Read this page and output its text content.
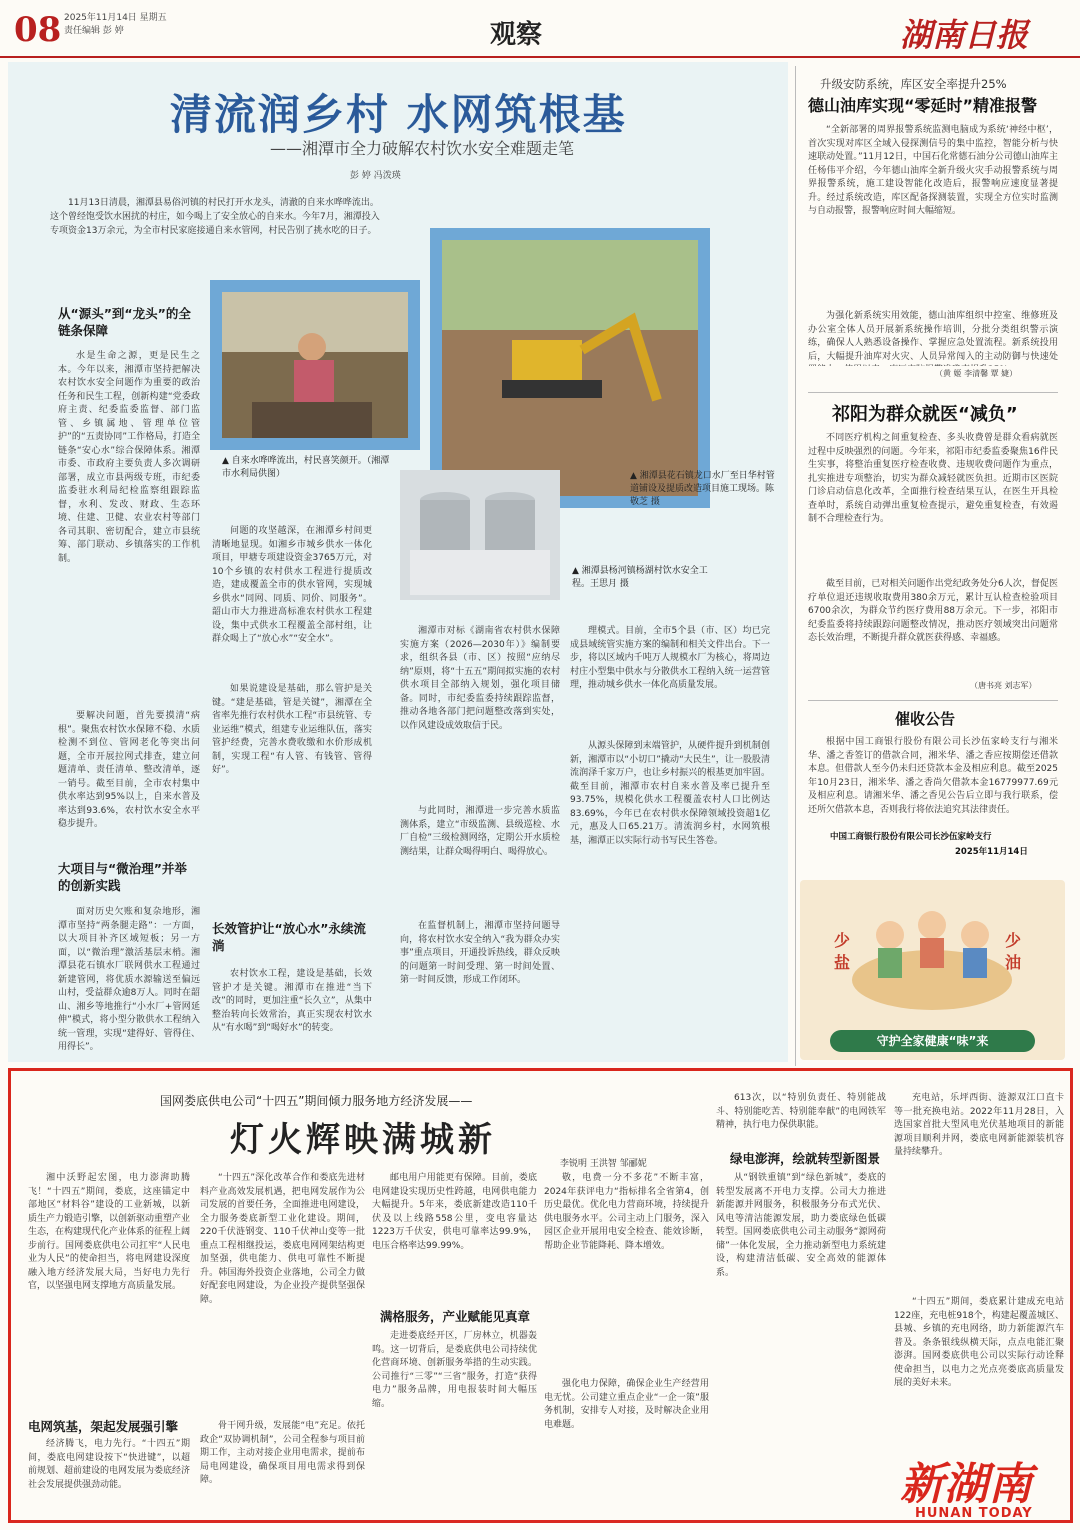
08 2025年11月14日 星期五
责任编辑 彭 婷	观察	湖南日报
清流润乡村 水网筑根基
——湘潭市全力破解农村饮水安全难题走笔
彭 婷 冯泼瑛
11月13日清晨，湘潭县易俗河镇的村民打开水龙头，清澈的自来水哗哗流出。这个曾经饱受饮水困扰的村庄，如今喝上了安全放心的自来水。今年7月，湘潭投入专项资金13万余元，为全市村民家庭接通自来水管网，村民告别了挑水吃的日子。
从“源头”到“龙头”的全链条保障

水是生命之源，更是民生之本。今年以来，湘潭市坚持把解决农村饮水安全问题作为重要的政治任务和民生工程，创新构建“党委政府主责、纪委监委监督、部门监管、乡镇属地、管理单位管护”的“五责协同”工作格局，打造全链条“安心水”综合保障体系。湘潭市委、市政府主要负责人多次调研部署，成立市县两级专班，市纪委监委驻水利局纪检监察组跟踪监督，水利、发改、财政、生态环境、住建、卫健、农业农村等部门各司其职、密切配合，建立市县统筹、部门联动、乡镇落实的工作机制。

要解决问题，首先要摸清“病根”。聚焦农村饮水保障不稳、水质检测不到位、管网老化等突出问题，全市开展拉网式排查，建立问题清单、责任清单、整改清单，逐一销号。截至目前，全市农村集中供水率达到95%以上，自来水普及率达到93.6%，农村饮水安全水平稳步提升。

大项目与“微治理”并举的创新实践

面对历史欠账和复杂地形，湘潭市坚持“两条腿走路”：一方面，以大项目补齐区域短板；另一方面，以“微治理”激活基层末梢。湘潭县花石镇水厂联网供水工程通过新建管网，将优质水源输送至偏远山村，受益群众逾8万人。同时在韶山、湘乡等地推行“小水厂+管网延伸”模式，将小型分散供水工程纳入统一管理，实现“建得好、管得住、用得长”。

▲ 自来水哗哗流出，村民喜笑颜开。（湘潭市水利局供图）

问题的攻坚越深，在湘潭乡村间更清晰地显现。如湘乡市城乡供水一体化项目，甲塘专项建设资金3765万元，对10个乡镇的农村供水工程进行提质改造，建成覆盖全市的供水管网，实现城乡供水“同网、同质、同价、同服务”。韶山市大力推进高标准农村供水工程建设，集中式供水工程覆盖全部村组，让群众喝上了“放心水”“安全水”。

如果说建设是基础，那么管护是关键。“建是基础，管是关键”，湘潭在全省率先推行农村供水工程“市县统管、专业运维”模式，组建专业运维队伍，落实管护经费，完善水费收缴和水价形成机制，实现工程“有人管、有钱管、管得好”。

长效管护让“放心水”永续流淌

农村饮水工程，建设是基础，长效管护才是关键。湘潭市在推进“当下改”的同时，更加注重“长久立”，从集中整治转向长效常治，真正实现农村饮水从“有水喝”到“喝好水”的转变。

▲ 湘潭县花石镇龙口水厂至日华村管道铺设及提质改造项目施工现场。陈敬芝 摄
▲ 湘潭县杨河镇杨湖村饮水安全工程。王思月 摄

湘潭市对标《湖南省农村供水保障实施方案（2026—2030年）》编制要求，组织各县（市、区）按照“应纳尽纳”原则，将“十五五”期间拟实施的农村供水项目全部纳入规划，强化项目储备。同时，市纪委监委持续跟踪监督，推动各地各部门把问题整改落到实处，以作风建设成效取信于民。

与此同时，湘潭进一步完善水质监测体系，建立“市级监测、县级巡检、水厂自检”三级检测网络，定期公开水质检测结果，让群众喝得明白、喝得放心。

在监督机制上，湘潭市坚持问题导向，将农村饮水安全纳入“我为群众办实事”重点项目，开通投诉热线，群众反映的问题第一时间受理、第一时间处置、第一时间反馈，形成工作闭环。

理模式。目前，全市5个县（市、区）均已完成县域统管实施方案的编制和相关文件出台。下一步，将以区域内千吨万人规模水厂为核心，将周边村庄小型集中供水与分散供水工程纳入统一运营管理，推动城乡供水一体化高质量发展。

从源头保障到末端管护，从硬件提升到机制创新，湘潭市以“小切口”撬动“大民生”，让一股股清流润泽千家万户，也让乡村振兴的根基更加牢固。截至目前，湘潭市农村自来水普及率已提升至93.75%，规模化供水工程覆盖农村人口比例达83.69%，今年已在农村供水保障领域投资超1亿元，惠及人口65.21万。清流润乡村，水网筑根基，湘潭正以实际行动书写民生答卷。

升级安防系统，库区安全率提升25%
德山油库实现“零延时”精准报警

“全新部署的周界报警系统监测电脑成为系统‘神经中枢’，首次实现对库区全域入侵探测信号的集中监控，智能分析与快速联动处置。”11月12日，中国石化常德石油分公司德山油库主任杨伟平介绍，今年德山油库全新升级火灾手动报警系统与周界报警系统，施工建设智能化改造后，报警响应速度显著提升。经过系统改造，库区配备探测装置，实现全方位实时监测与自动报警，报警响应时间大幅缩短。

为强化新系统实用效能，德山油库组织中控室、维修班及办公室全体人员开展新系统操作培训，分批分类组织警示演练，确保人人熟悉设备操作、掌握应急处置流程。新系统投用后，大幅提升油库对火灾、人员异常闯入的主动防御与快速处

（黄 姬 李清馨 覃 婕）
祁阳为群众就医“减负”

不同医疗机构之间重复检查、多头收费曾是群众看病就医过程中反映强烈的问题。今年来，祁阳市纪委监委聚焦16件民生实事，将整治重复医疗检查收费、违规收费问题作为重点，扎实推进专项整治，切实为群众减轻就医负担。近期市区医院门诊启动信息化改革，全面推行检查结果互认，在医生开具检查单时，系统自动弹出重复检查提示，避免重复检查，有效遏制不合理检查行为。

截至目前，已对相关问题作出党纪政务处分6人次，督促医疗单位退还违规收取费用380余万元，累计互认检查检验项目6700余次，为群众节约医疗费用88万余元。下一步，祁阳市纪委监委将持续跟踪问题整改情况，推动医疗领域突出问题常态长效治理，不断提升群众就医获得感、幸福感。

（唐书亮 刘志军）
催收公告

根据中国工商银行股份有限公司长沙伍家岭支行与湘米华、潘之香签订的借款合同，湘米华、潘之香应按期偿还借款本息。但借款人至今仍未归还贷款本金及相应利息。截至2025年10月23日，湘米华、潘之香尚欠借款本金16779977.69元及相应利息。请湘米华、潘之香见公告后立即与我行联系，偿还所欠借款本息，否则我行将依法追究其法律责任。

中国工商银行股份有限公司长沙伍家岭支行
2025年11月14日
少盐
少油
守护全家健康“味”来
国网娄底供电公司“十四五”期间倾力服务地方经济发展——
灯火辉映满城新
李锐明 王洪智 邹郦妮

湘中沃野起宏图，电力澎湃助腾飞！“十四五”期间，娄底，这座锚定中部地区“材料谷”建设的工业新城，以新质生产力锻造引擎，以创新驱动重塑产业生态，在构建现代化产业体系的征程上阔步前行。国网娄底供电公司扛牢“人民电业为人民”的使命担当，将电网建设深度融入地方经济发展大局，当好电力先行官，以坚强电网支撑地方高质量发展。

电网筑基，架起发展强引擎

经济腾飞，电力先行。“十四五”期间，娄底电网建设按下“快进键”，以超前规划、超前建设的电网发展为娄底经济社会发展提供强劲动能。

“十四五”深化改革合作和娄底先进材料产业高效发展机遇，把电网发展作为公司发展的首要任务，全面推进电网建设，全力服务娄底新型工业化建设。期间，220千伏涟钢变、110千伏神山变等一批重点工程相继投运，娄底电网网架结构更加坚强，供电能力、供电可靠性不断提升。韩国海外投资企业落地，公司全力做好配套电网建设，为企业投产提供坚强保障。

骨干网升级，发展能“电”充足。依托政企“双协调机制”，公司全程参与项目前期工作，主动对接企业用电需求，提前布局电网建设，确保项目用电需求得到保障。

邮电用户用能更有保障。目前，娄底电网建设实现历史性跨越，电网供电能力大幅提升。5年来，娄底新建改造110千伏及以上线路558公里，变电容量达1223万千伏安，供电可靠率达99.9%，电压合格率达99.99%。

满格服务，产业赋能见真章

走进娄底经开区，厂房林立，机器轰鸣。这一切背后，是娄底供电公司持续优化营商环境、创新服务举措的生动实践。公司推行“三零”“三省”服务，打造“获得电力”服务品牌，用电报装时间大幅压缩。

敬，电费一分不多花”不断丰富，2024年获评电力“指标排名全省第4，创历史最优。优化电力营商环境，持续提升供电服务水平。公司主动上门服务，深入园区企业开展用电安全检查、能效诊断，帮助企业节能降耗、降本增效。

强化电力保障，确保企业生产经营用电无忧。公司建立重点企业“一企一策”服务机制，安排专人对接，及时解决企业用电难题。

613次，以“特别负责任、特别能战斗、特别能吃苦、特别能奉献”的电网铁军精神，执行电力保供职能。

绿电澎湃，绘就转型新图景

从“钢铁重镇”到“绿色新城”，娄底的转型发展离不开电力支撑。公司大力推进新能源并网服务，积极服务分布式光伏、风电等清洁能源发展，助力娄底绿色低碳转型。国网娄底供电公司主动服务“源网荷储”一体化发展，全力推动新型电力系统建设，构建清洁低碳、安全高效的能源体系。

充电站，乐坪西街、涟源双江口直卡等一批充换电站。2022年11月28日，入选国家首批大型风电光伏基地项目的新能源项目顺利并网，娄底电网新能源装机容量持续攀升。

“十四五”期间，娄底累计建成充电站122座，充电桩918个，构建起覆盖城区、县城、乡镇的充电网络，助力新能源汽车普及。条条银线纵横天际，点点电能汇聚澎湃。国网娄底供电公司以实际行动诠释使命担当，以电力之光点亮娄底高质量发展的美好未来。

新湖南
HUNAN TODAY
